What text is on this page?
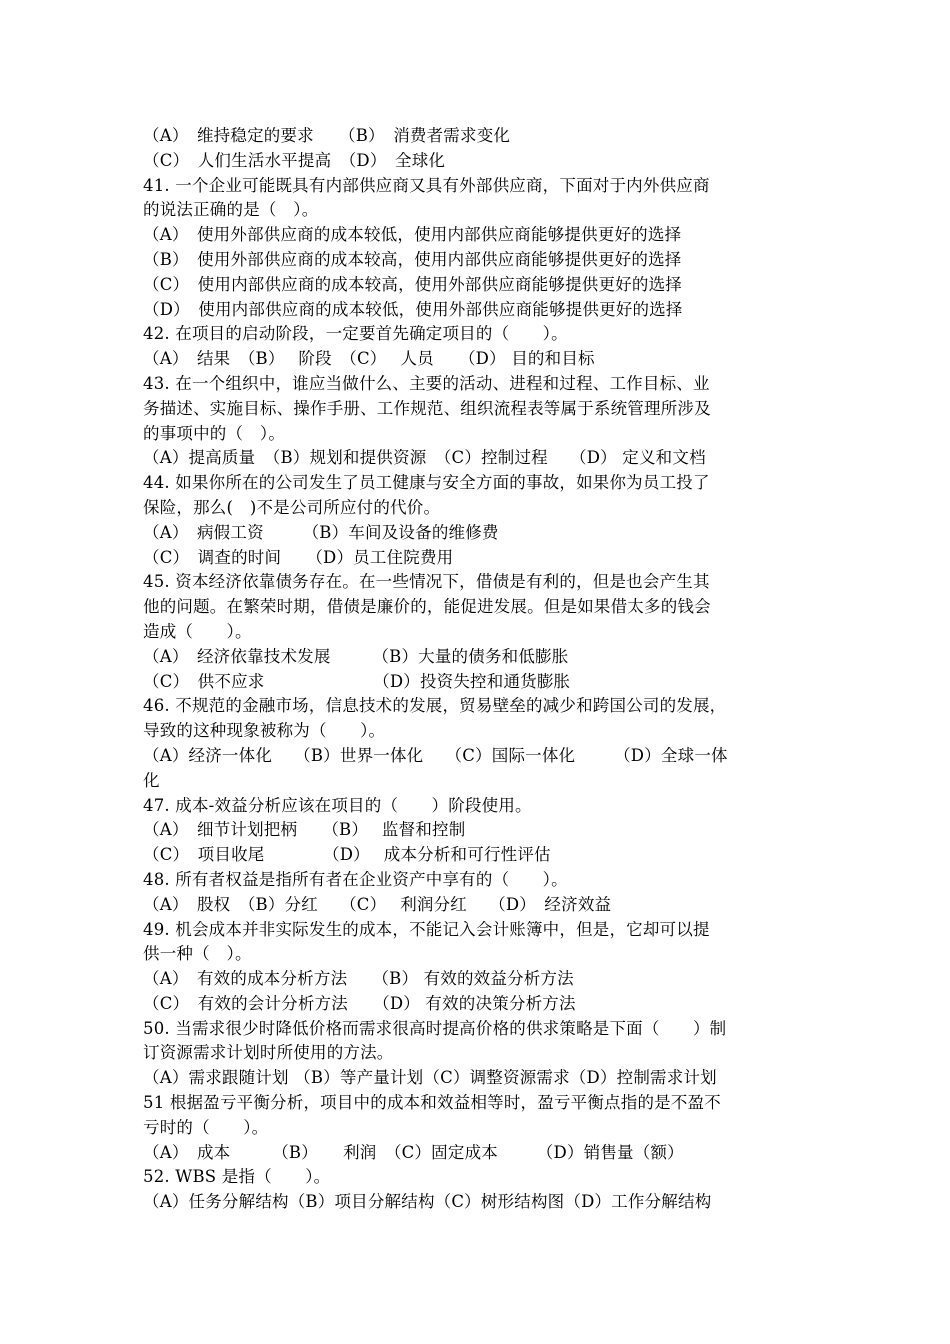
（A）　维持稳定的要求　　（B）　消费者需求变化
（C）　人们生活水平提高　（D）　全球化
41. 一个企业可能既具有内部供应商又具有外部供应商，下面对于内外供应商
的说法正确的是（　）。
（A）　使用外部供应商的成本较低，使用内部供应商能够提供更好的选择
（B）　使用外部供应商的成本较高，使用内部供应商能够提供更好的选择
（C）　使用内部供应商的成本较高，使用外部供应商能够提供更好的选择
（D）　使用内部供应商的成本较低，使用外部供应商能够提供更好的选择
42. 在项目的启动阶段，一定要首先确定项目的（　　）。
（A）　结果　（B）　 阶段　（C）　 人员　　（D） 目的和目标
43. 在一个组织中，谁应当做什么、主要的活动、进程和过程、工作目标、业
务描述、实施目标、操作手册、工作规范、组织流程表等属于系统管理所涉及
的事项中的（　）。
（A）提高质量　（B）规划和提供资源　（C）控制过程　 （D） 定义和文档
44. 如果你所在的公司发生了员工健康与安全方面的事故，如果你为员工投了
保险，那么(　)不是公司所应付的代价。
（A）　病假工资　　 （B）车间及设备的维修费
（C）　调查的时间　　（D）员工住院费用
45. 资本经济依靠债务存在。在一些情况下，借债是有利的，但是也会产生其
他的问题。在繁荣时期，借债是廉价的，能促进发展。但是如果借太多的钱会
造成（　　）。
（A）　经济依靠技术发展　　　（B）大量的债务和低膨胀
（C）　供不应求　　　　　　　（D）投资失控和通货膨胀
46. 不规范的金融市场，信息技术的发展，贸易壁垒的减少和跨国公司的发展，
导致的这种现象被称为（　　）。
（A）经济一体化　 （B）世界一体化　 （C）国际一体化　　 （D）全球一体
化
47. 成本-效益分析应该在项目的（　　）阶段使用。
（A）　细节计划把柄　　（B）　 监督和控制
（C）　项目收尾　　　　（D）　 成本分析和可行性评估
48. 所有者权益是指所有者在企业资产中享有的（　　）。
（A）　股权　（B）分红　 （C）　 利润分红　 （D）　经济效益
49. 机会成本并非实际发生的成本，不能记入会计账簿中，但是，它却可以提
供一种（　）。
（A）　有效的成本分析方法　　（B） 有效的效益分析方法
（C）　有效的会计分析方法　　（D） 有效的决策分析方法
50. 当需求很少时降低价格而需求很高时提高价格的供求策略是下面（　　）制
订资源需求计划时所使用的方法。
（A）需求跟随计划 （B）等产量计划（C）调整资源需求（D）控制需求计划
51 根据盈亏平衡分析，项目中的成本和效益相等时，盈亏平衡点指的是不盈不
亏时的（　　）。
（A）　成本　　　（B）　　利润　（C）固定成本　　 （D）销售量（额）
52. WBS 是指（　　）。
（A）任务分解结构（B）项目分解结构（C）树形结构图（D）工作分解结构
